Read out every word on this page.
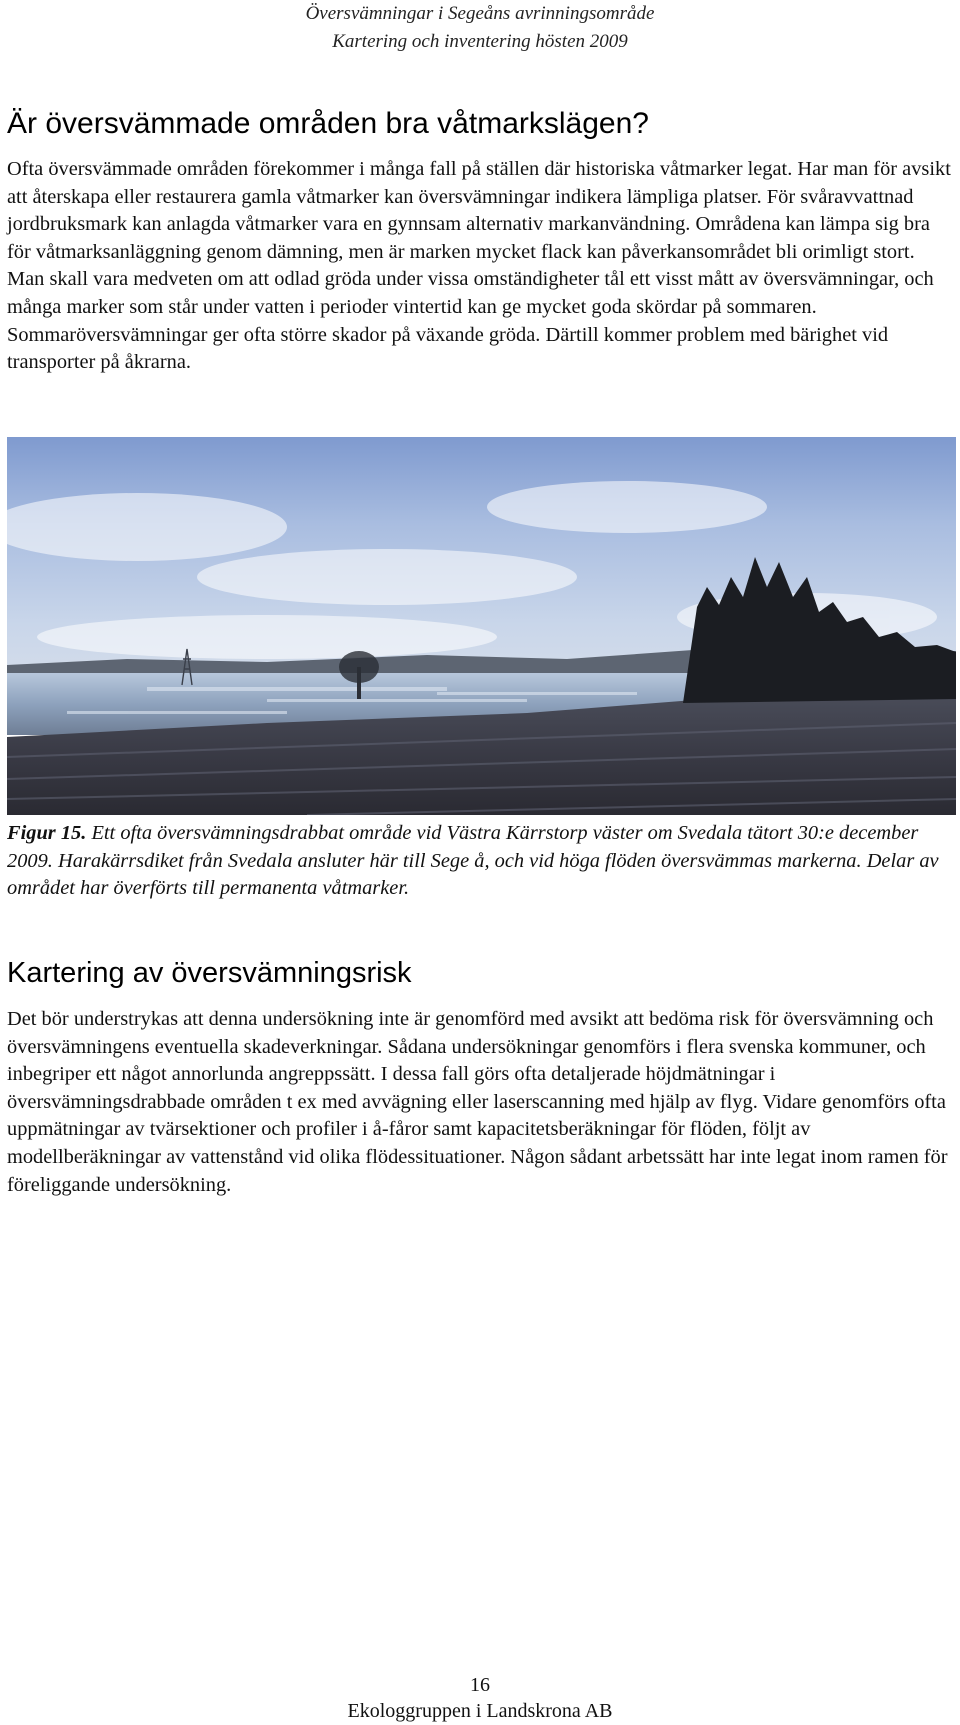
Översvämningar i Segeåns avrinningsområde
Kartering och inventering hösten 2009
Är översvämmade områden bra våtmarkslägen?

Ofta översvämmade områden förekommer i många fall på ställen där historiska våtmarker legat. Har man för avsikt att återskapa eller restaurera gamla våtmarker kan översvämningar indikera lämpliga platser. För svåravvattnad jordbruksmark kan anlagda våtmarker vara en gynnsam alternativ markanvändning. Områdena kan lämpa sig bra för våtmarksanläggning genom dämning, men är marken mycket flack kan påverkansområdet bli orimligt stort. Man skall vara medveten om att odlad gröda under vissa omständigheter tål ett visst mått av översvämningar, och många marker som står under vatten i perioder vintertid kan ge mycket goda skördar på sommaren. Sommaröversvämningar ger ofta större skador på växande gröda. Därtill kommer problem med bärighet vid transporter på åkrarna.

Figur 15. Ett ofta översvämningsdrabbat område vid Västra Kärrstorp väster om Svedala tätort 30:e december 2009. Harakärrsdiket från Svedala ansluter här till Sege å, och vid höga flöden översvämmas markerna. Delar av området har överförts till permanenta våtmarker.

Kartering av översvämningsrisk

Det bör understrykas att denna undersökning inte är genomförd med avsikt att bedöma risk för översvämning och översvämningens eventuella skadeverkningar. Sådana undersökningar genomförs i flera svenska kommuner, och inbegriper ett något annorlunda angreppssätt. I dessa fall görs ofta detaljerade höjdmätningar i översvämningsdrabbade områden t ex med avvägning eller laserscanning med hjälp av flyg. Vidare genomförs ofta uppmätningar av tvärsektioner och profiler i å-fåror samt kapacitetsberäkningar för flöden, följt av modellberäkningar av vattenstånd vid olika flödessituationer. Någon sådant arbetssätt har inte legat inom ramen för föreliggande undersökning.

16
Ekologgruppen i Landskrona AB
